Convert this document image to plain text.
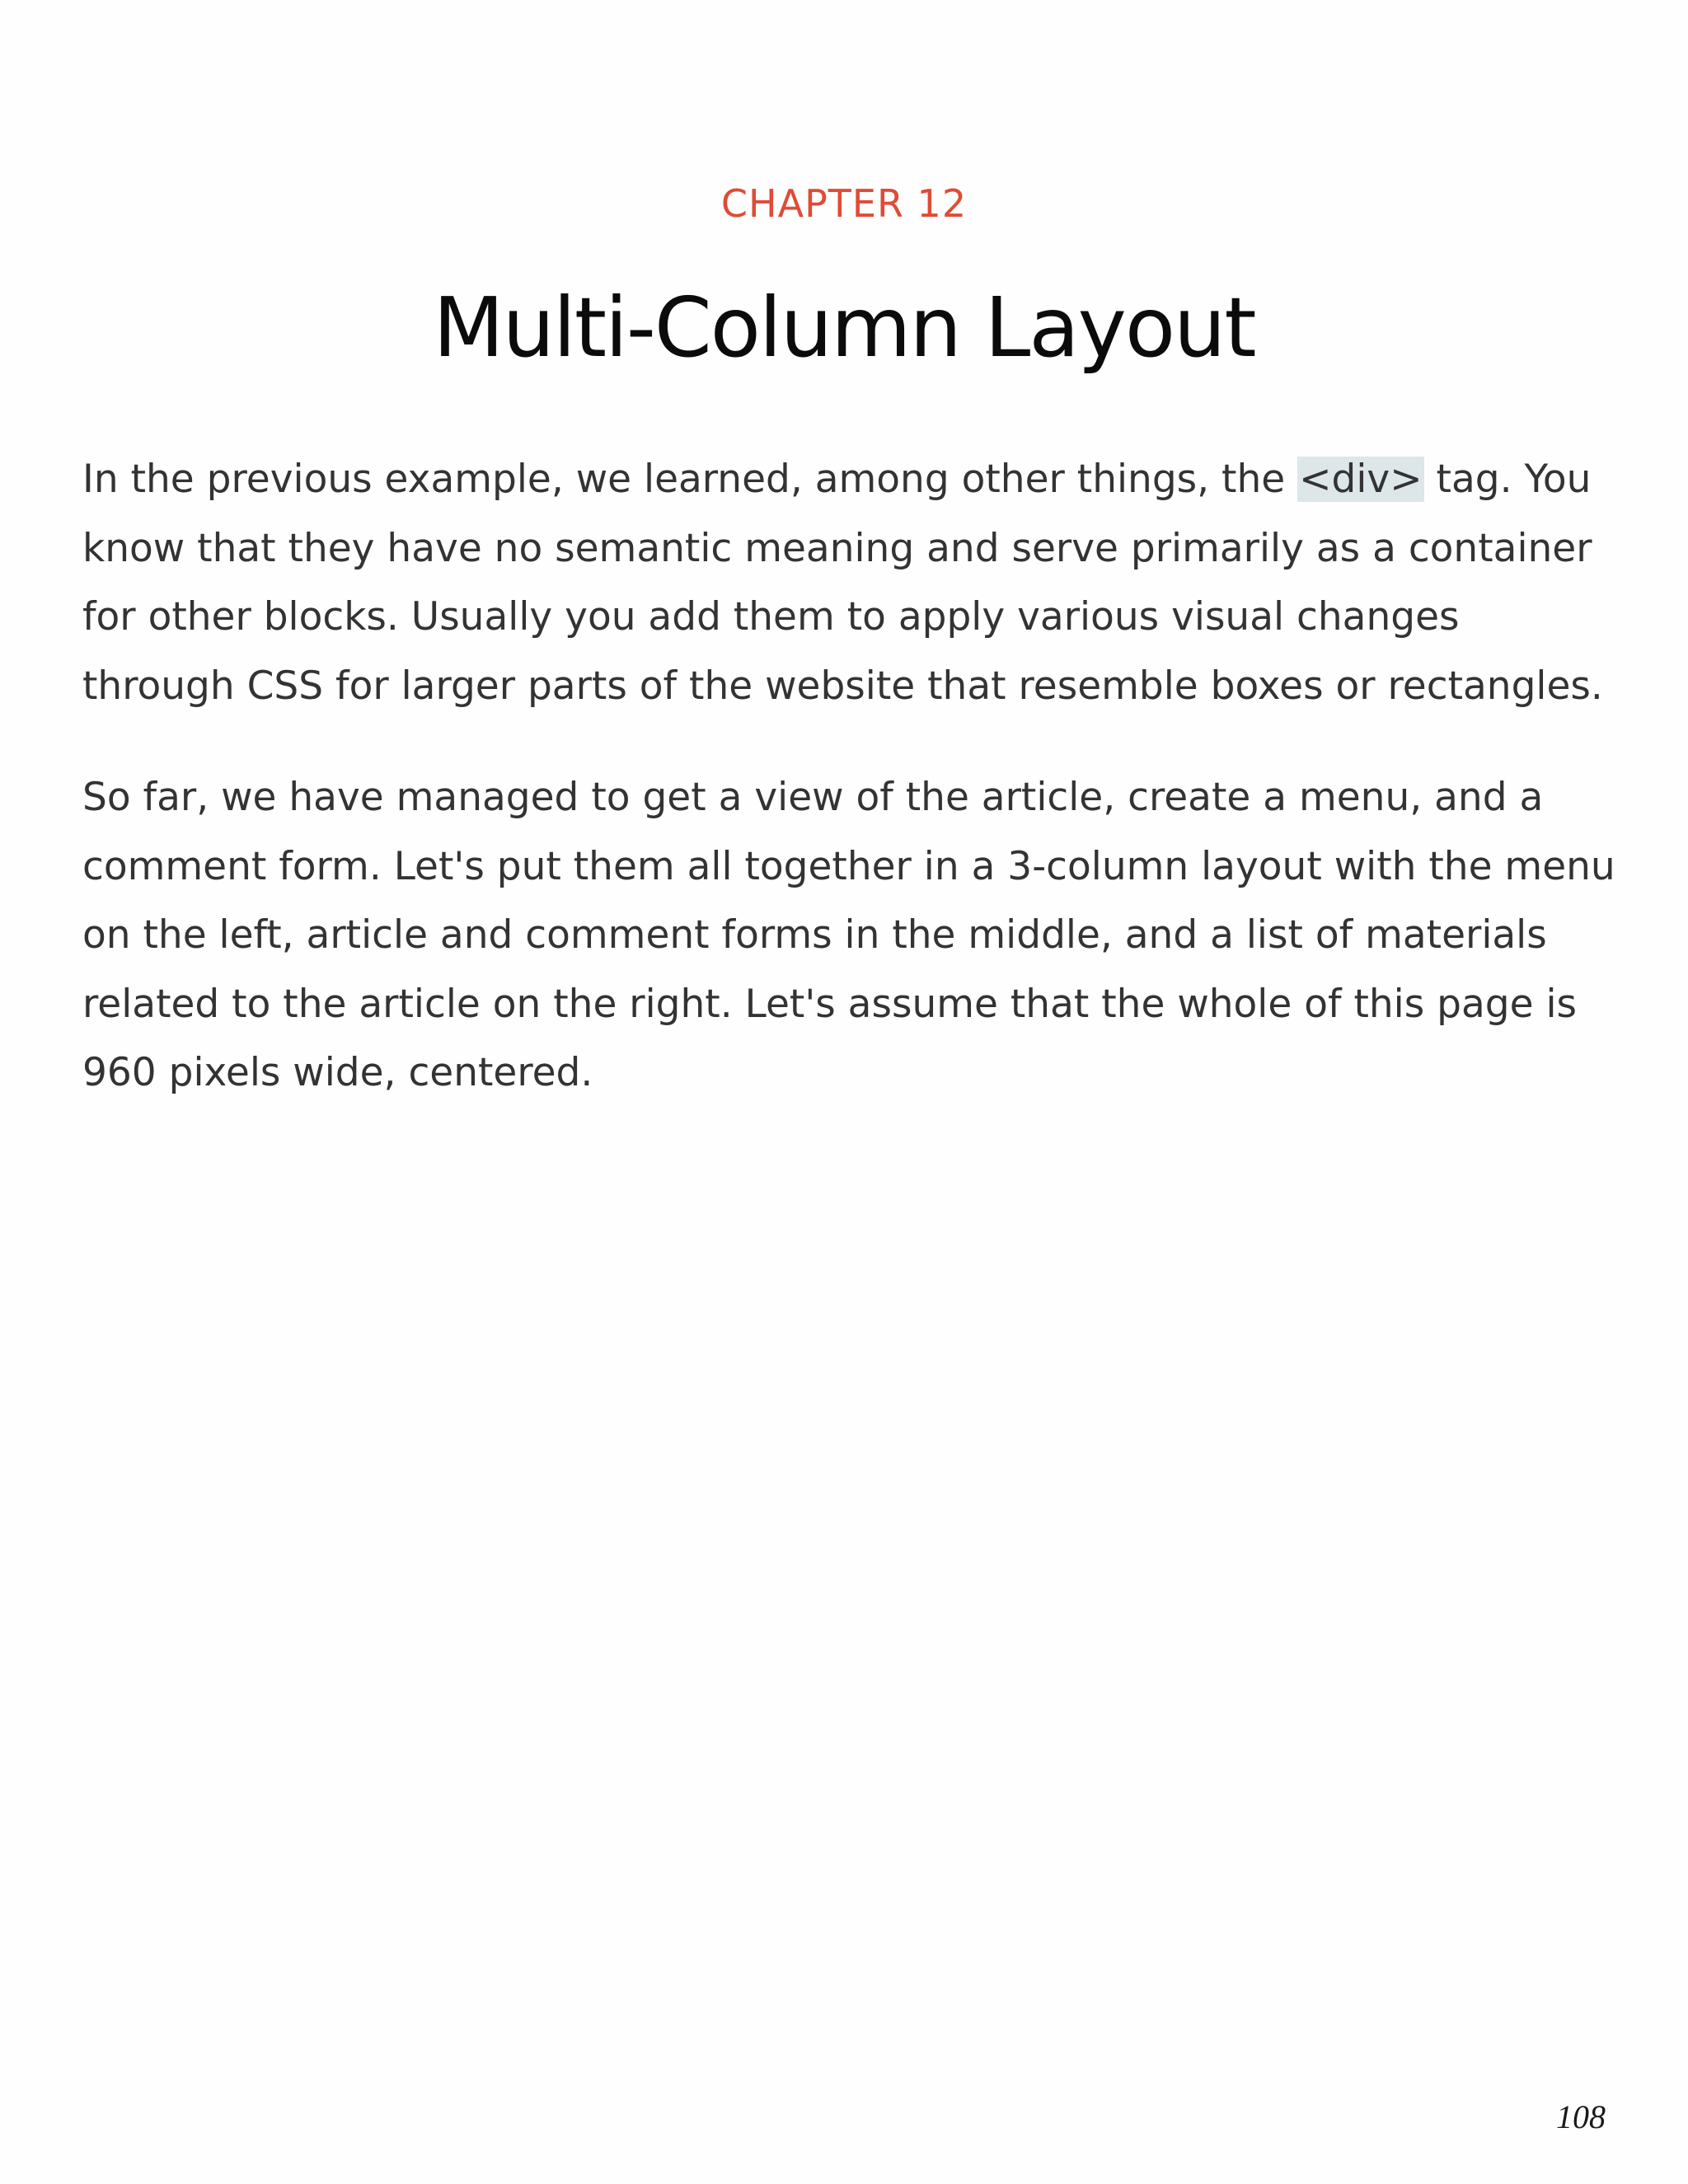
CHAPTER 12
Multi-Column Layout

In the previous example, we learned, among other things, the <div> tag. You know that they have no semantic meaning and serve primarily as a container for other blocks. Usually you add them to apply various visual changes through CSS for larger parts of the website that resemble boxes or rectangles.

So far, we have managed to get a view of the article, create a menu, and a comment form. Let's put them all together in a 3-column layout with the menu on the left, article and comment forms in the middle, and a list of materials related to the article on the right. Let's assume that the whole of this page is 960 pixels wide, centered.

108
